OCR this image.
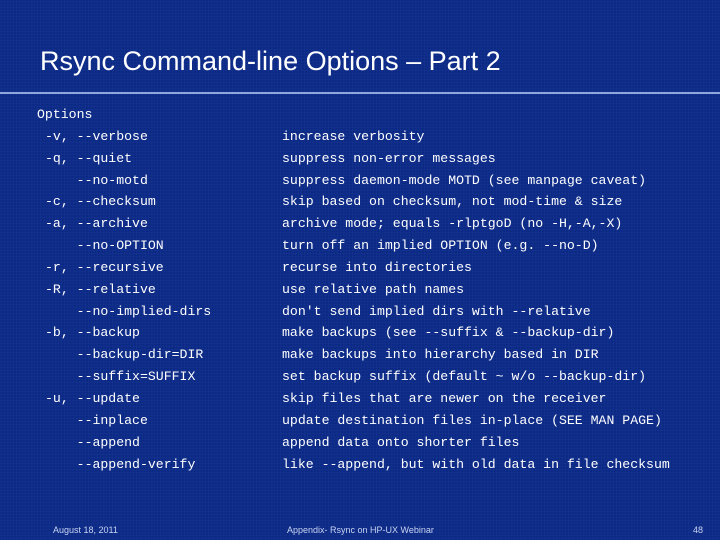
Rsync Command-line Options – Part 2
Options
-v, --verbose	increase verbosity
-q, --quiet	suppress non-error messages
--no-motd	suppress daemon-mode MOTD (see manpage caveat)
-c, --checksum	skip based on checksum, not mod-time & size
-a, --archive	archive mode; equals -rlptgoD (no -H,-A,-X)
--no-OPTION	turn off an implied OPTION (e.g. --no-D)
-r, --recursive	recurse into directories
-R, --relative	use relative path names
--no-implied-dirs	don't send implied dirs with --relative
-b, --backup	make backups (see --suffix & --backup-dir)
--backup-dir=DIR	make backups into hierarchy based in DIR
--suffix=SUFFIX	set backup suffix (default ~ w/o --backup-dir)
-u, --update	skip files that are newer on the receiver
--inplace	update destination files in-place (SEE MAN PAGE)
--append	append data onto shorter files
--append-verify	like --append, but with old data in file checksum
August 18, 2011	Appendix- Rsync on HP-UX Webinar	48
